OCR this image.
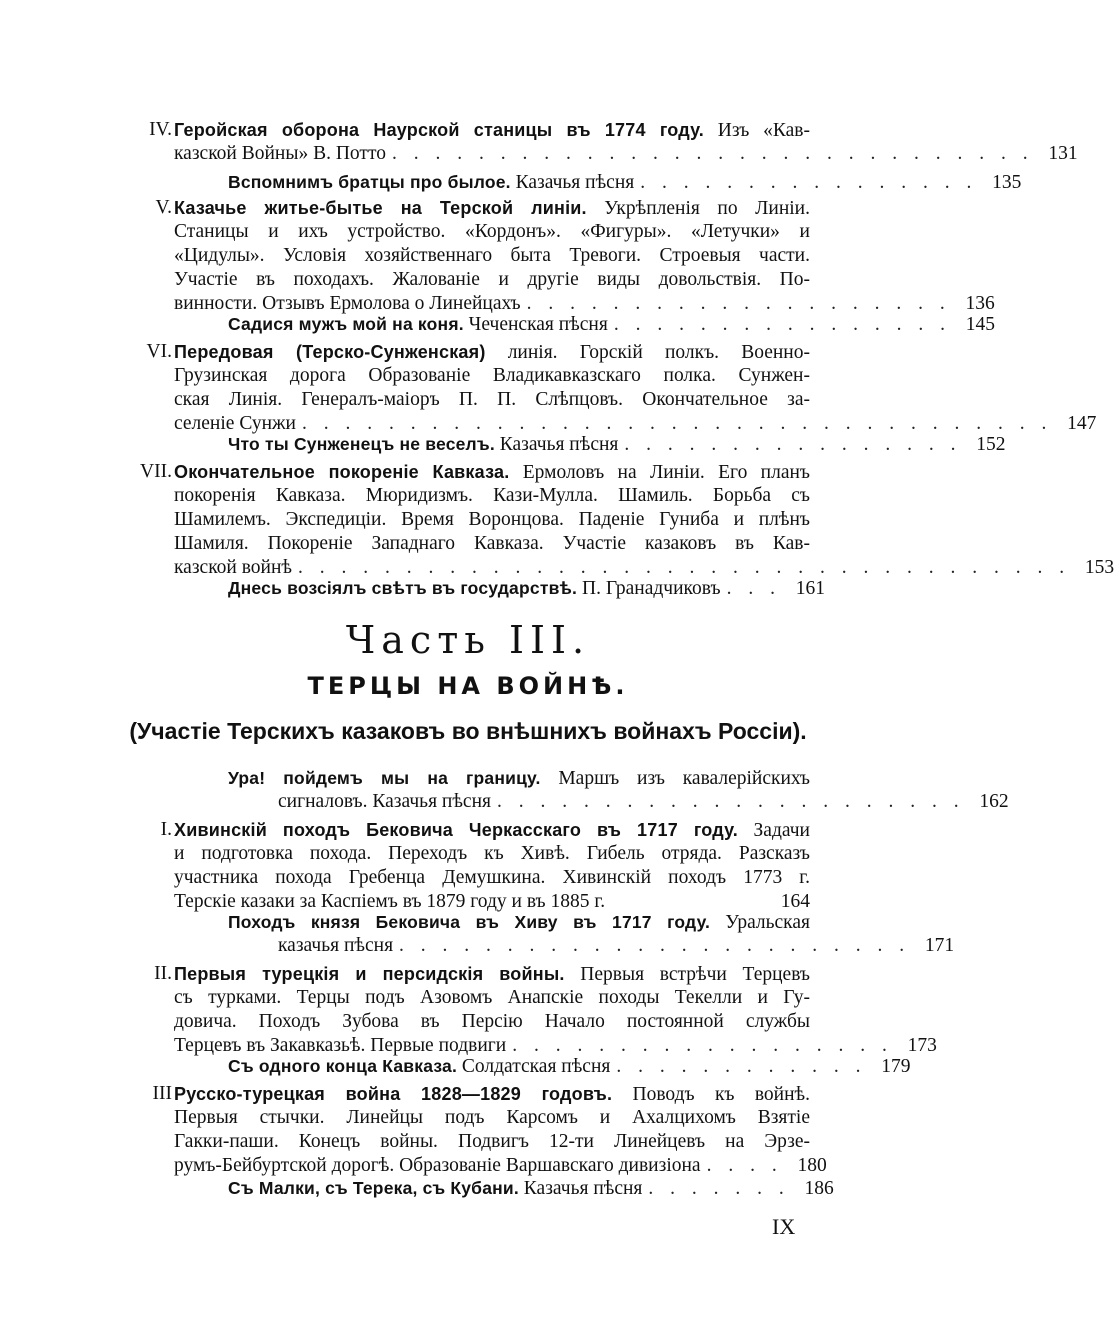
IV. Геройская оборона Наурской станицы въ 1774 году. Изъ «Кав-
казской Войны» В. Потто . . . . . . . . . . . . . . . . . . . . . . . . . . . . . . 131
Вспомнимъ братцы про былое. Казачья пѣсня . . . . . . . . . . . . . . . . 135
V. Казачье житье-бытье на Терской линіи. Укрѣпленія по Линіи.
Станицы и ихъ устройство. «Кордонъ». «Фигуры». «Летучки» и
«Цидулы». Условія хозяйственнаго быта Тревоги. Строевыя части.
Участіе въ походахъ. Жалованіе и другіе виды довольствія. По-
винности. Отзывъ Ермолова о Линейцахъ . . . . . . . . . . . . . . . . . . . . 136
Садися мужъ мой на коня. Чеченская пѣсня . . . . . . . . . . . . . . . . 145
VI. Передовая (Терско-Сунженская) линія. Горскій полкъ. Военно-
Грузинская дорога Образованіе Владикавказскаго полка. Сунжен-
ская Линія. Генералъ-маіоръ П. П. Слѣпцовъ. Окончательное за-
селеніе Сунжи . . . . . . . . . . . . . . . . . . . . . . . . . . . . . . . . . . . 147
Что ты Сунженецъ не веселъ. Казачья пѣсня . . . . . . . . . . . . . . . . 152
VII. Окончательное покореніе Кавказа. Ермоловъ на Линіи. Его планъ
покоренія Кавказа. Мюридизмъ. Кази-Мулла. Шамиль. Борьба съ
Шамилемъ. Экспедиціи. Время Воронцова. Паденіе Гуниба и плѣнъ
Шамиля. Покореніе Западнаго Кавказа. Участіе казаковъ въ Кав-
казской войнѣ . . . . . . . . . . . . . . . . . . . . . . . . . . . . . . . . . . . . 153
Днесь возсіялъ свѣтъ въ государствѣ. П. Гранадчиковъ . . . 161
Часть III.
ТЕРЦЫ НА ВОЙНѢ.
(Участіе Терскихъ казаковъ во внѣшнихъ войнахъ Россіи).
Ура! пойдемъ мы на границу. Маршъ изъ кавалерійскихъ
сигналовъ. Казачья пѣсня . . . . . . . . . . . . . . . . . . . . . . 162
I. Хивинскій походъ Бековича Черкасскаго въ 1717 году. Задачи
и подготовка похода. Переходъ къ Хивѣ. Гибель отряда. Разсказъ
участника похода Гребенца Демушкина. Хивинскій походъ 1773 г.
Терскіе казаки за Каспіемъ въ 1879 году и въ 1885 г.	164
Походъ князя Бековича въ Хиву въ 1717 году. Уральская
казачья пѣсня . . . . . . . . . . . . . . . . . . . . . . . . 171
II. Первыя турецкія и персидскія войны. Первыя встрѣчи Терцевъ
съ турками. Терцы подъ Азовомъ Анапскіе походы Текелли и Гу-
довича. Походъ Зубова въ Персію Начало постоянной службы
Терцевъ въ Закавказьѣ. Первые подвиги . . . . . . . . . . . . . . . . . . 173
Съ одного конца Кавказа. Солдатская пѣсня . . . . . . . . . . . . 179
III Русско-турецкая война 1828—1829 годовъ. Поводъ къ войнѣ.
Первыя стычки. Линейцы подъ Карсомъ и Ахалцихомъ Взятіе
Гакки-паши. Конецъ войны. Подвигъ 12-ти Линейцевъ на Эрзе-
румъ-Бейбуртской дорогѣ. Образованіе Варшавскаго дивизіона . . . . 180
Съ Малки, съ Терека, съ Кубани. Казачья пѣсня . . . . . . . 186
IX
